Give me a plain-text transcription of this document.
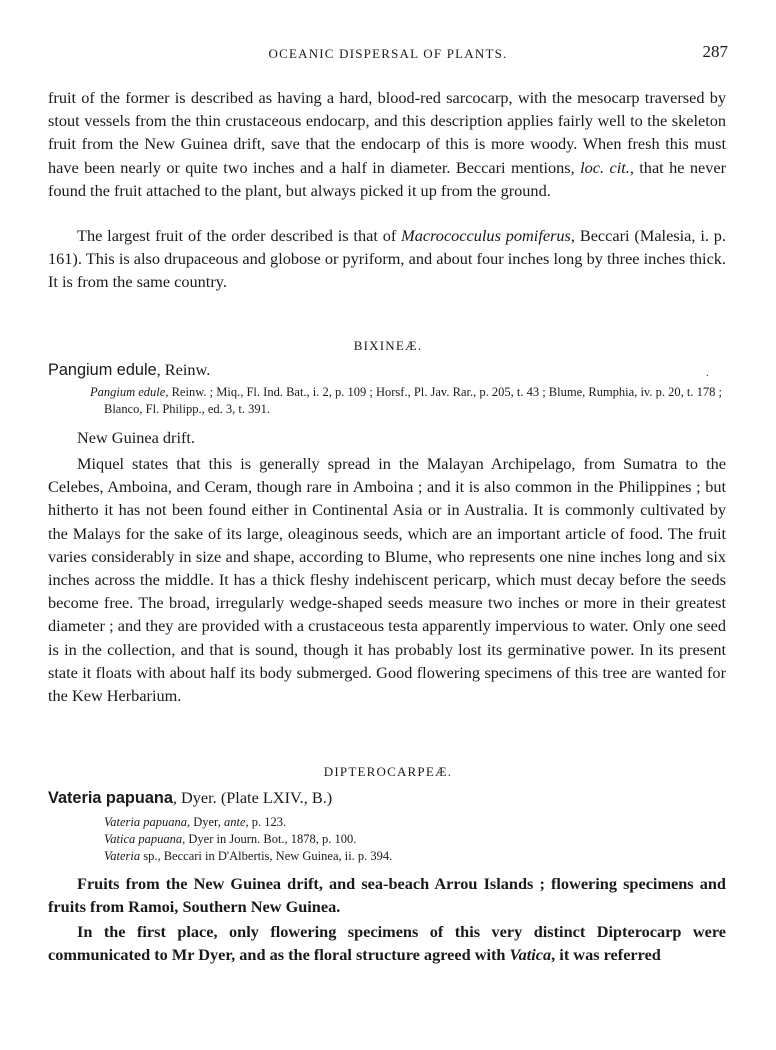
OCEANIC DISPERSAL OF PLANTS.	287
fruit of the former is described as having a hard, blood-red sarcocarp, with the mesocarp traversed by stout vessels from the thin crustaceous endocarp, and this description applies fairly well to the skeleton fruit from the New Guinea drift, save that the endocarp of this is more woody. When fresh this must have been nearly or quite two inches and a half in diameter. Beccari mentions, loc. cit., that he never found the fruit attached to the plant, but always picked it up from the ground.
The largest fruit of the order described is that of Macrococculus pomiferus, Beccari (Malesia, i. p. 161). This is also drupaceous and globose or pyriform, and about four inches long by three inches thick. It is from the same country.
BIXINEÆ.
Pangium edule, Reinw.	.
Pangium edule, Reinw. ; Miq., Fl. Ind. Bat., i. 2, p. 109 ; Horsf., Pl. Jav. Rar., p. 205, t. 43 ; Blume, Rumphia, iv. p. 20, t. 178 ; Blanco, Fl. Philipp., ed. 3, t. 391.
New Guinea drift.
Miquel states that this is generally spread in the Malayan Archipelago, from Sumatra to the Celebes, Amboina, and Ceram, though rare in Amboina ; and it is also common in the Philippines ; but hitherto it has not been found either in Continental Asia or in Australia. It is commonly cultivated by the Malays for the sake of its large, oleaginous seeds, which are an important article of food. The fruit varies considerably in size and shape, according to Blume, who represents one nine inches long and six inches across the middle. It has a thick fleshy indehiscent pericarp, which must decay before the seeds become free. The broad, irregularly wedge-shaped seeds measure two inches or more in their greatest diameter ; and they are provided with a crustaceous testa apparently impervious to water. Only one seed is in the collection, and that is sound, though it has probably lost its germinative power. In its present state it floats with about half its body submerged. Good flowering specimens of this tree are wanted for the Kew Herbarium.
DIPTEROCARPEÆ.
Vateria papuana, Dyer. (Plate LXIV., B.)
Vateria papuana, Dyer, ante, p. 123.
Vatica papuana, Dyer in Journ. Bot., 1878, p. 100.
Vateria sp., Beccari in D'Albertis, New Guinea, ii. p. 394.
Fruits from the New Guinea drift, and sea-beach Arrou Islands ; flowering specimens and fruits from Ramoi, Southern New Guinea.
In the first place, only flowering specimens of this very distinct Dipterocarp were communicated to Mr Dyer, and as the floral structure agreed with Vatica, it was referred
